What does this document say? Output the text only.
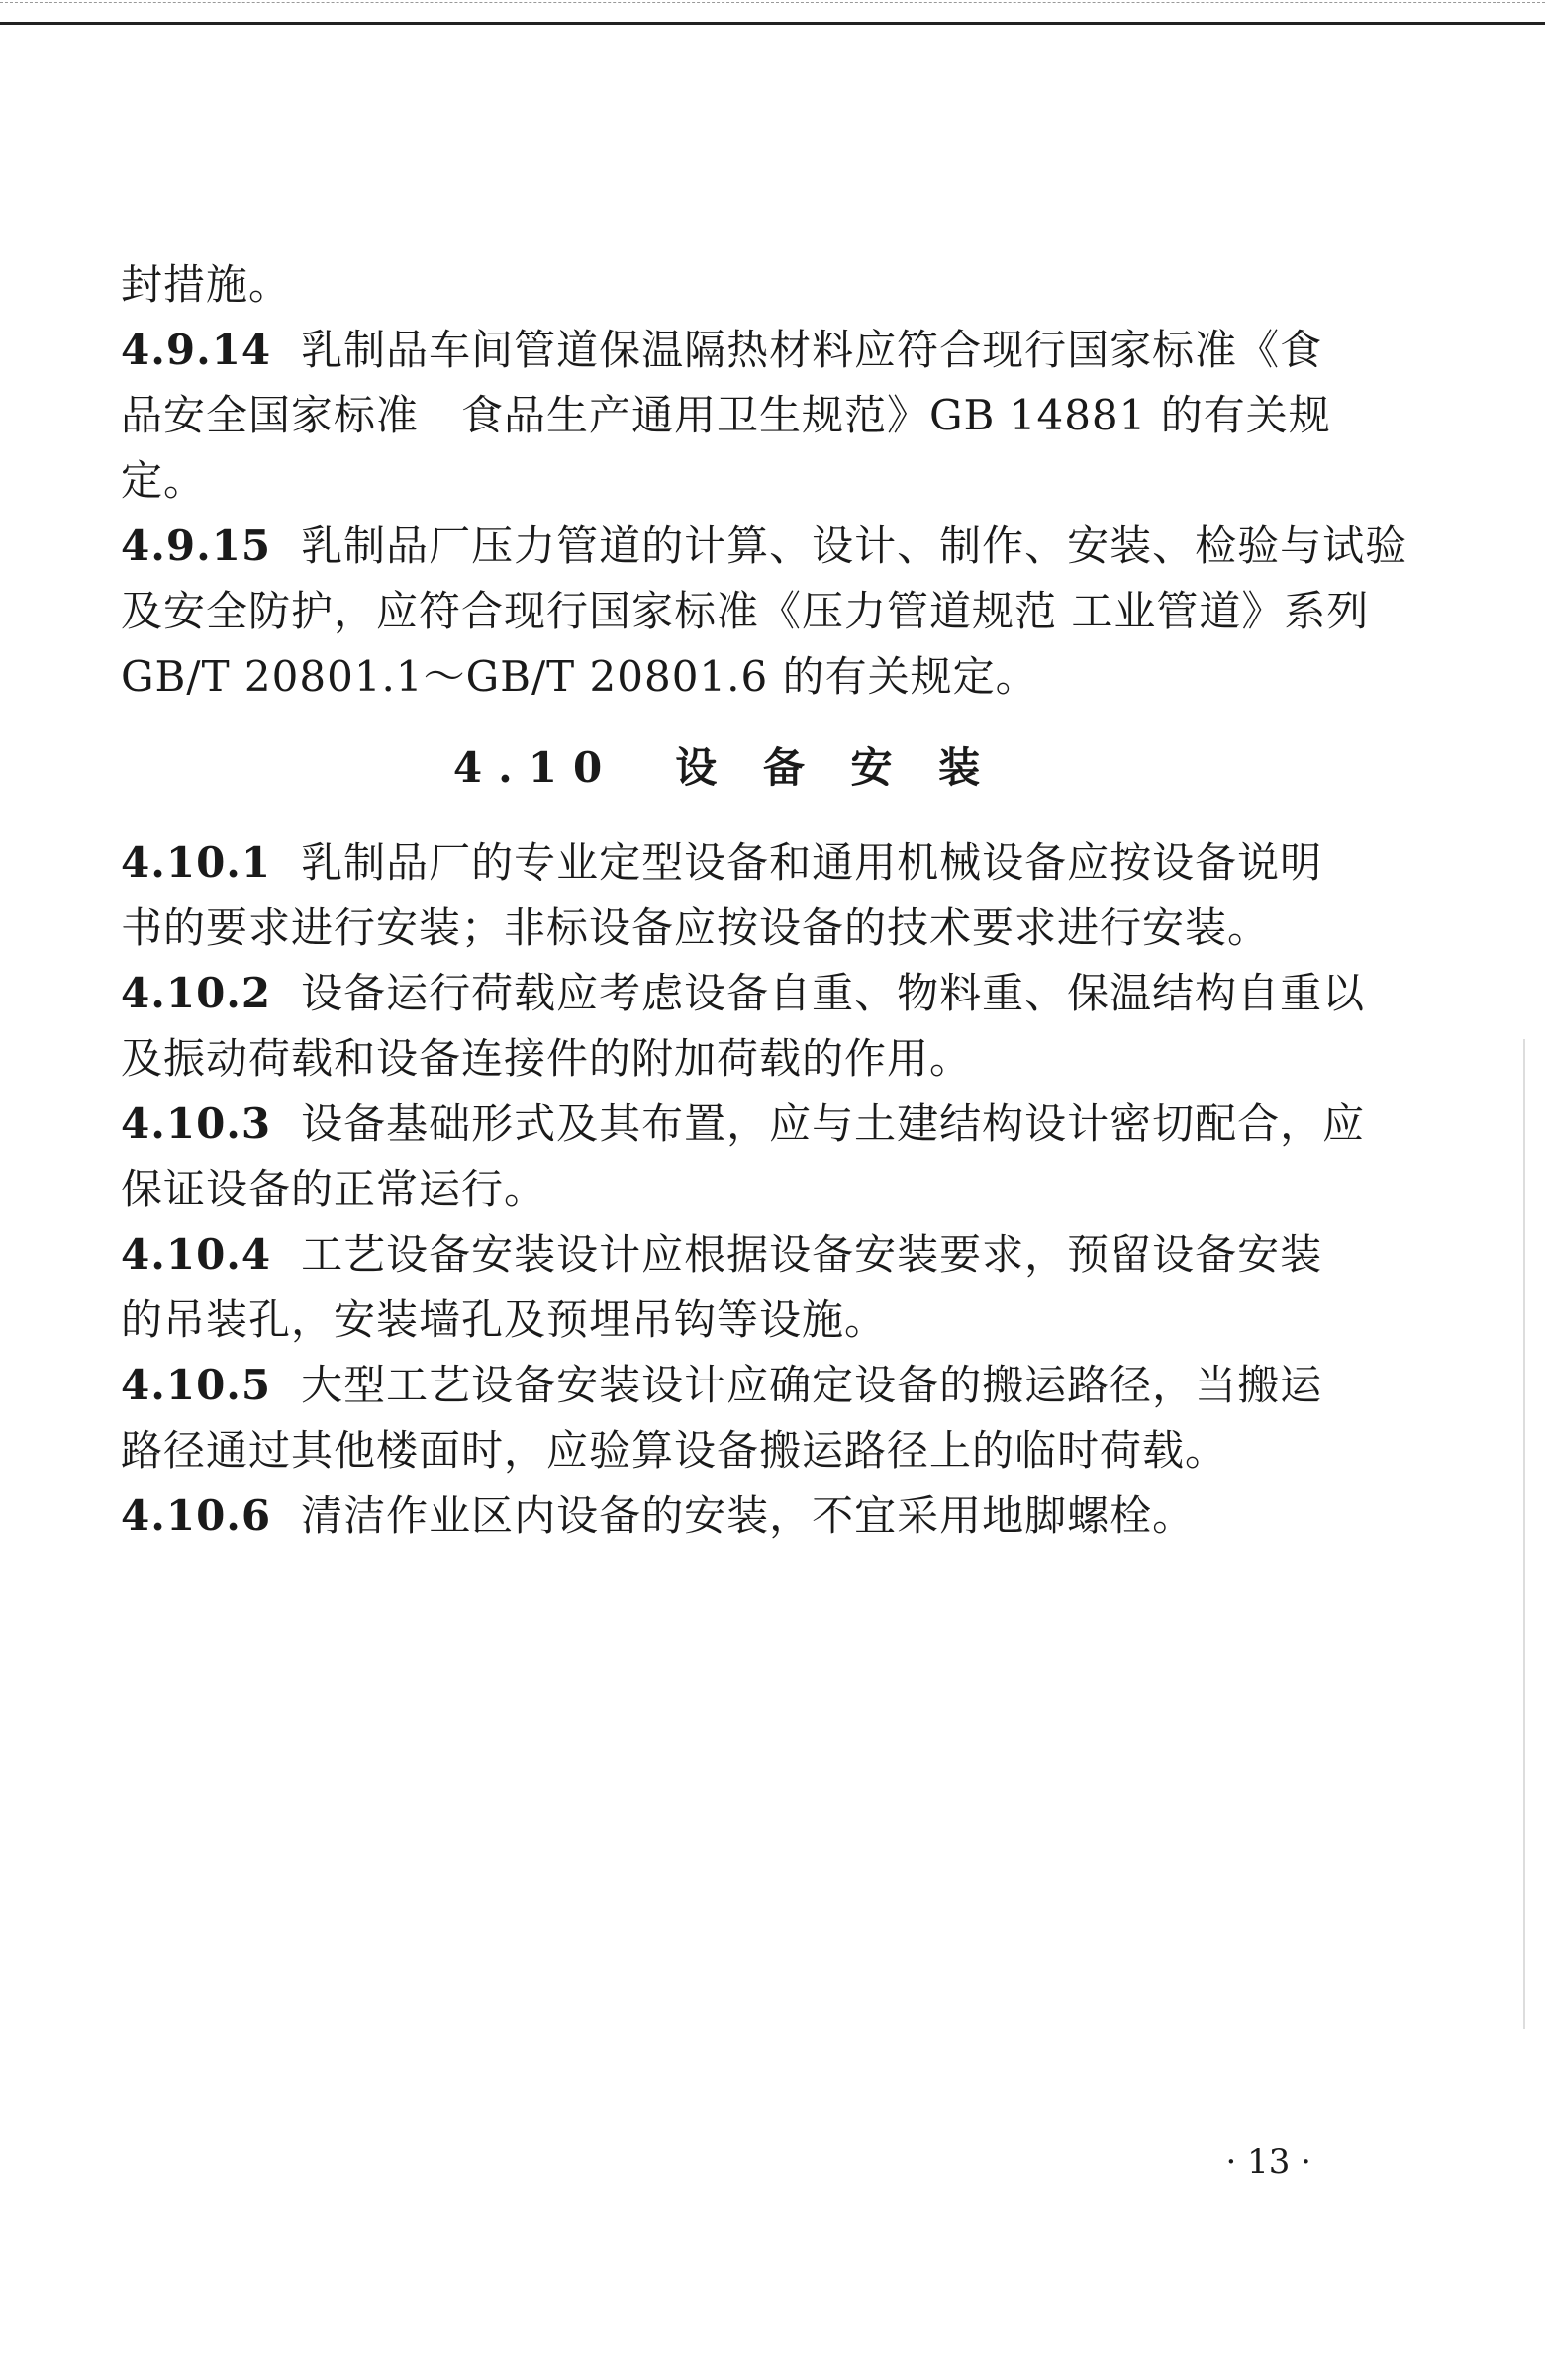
封措施。

4.9.14 乳制品车间管道保温隔热材料应符合现行国家标准《食

品安全国家标准　食品生产通用卫生规范》GB 14881 的有关规

定。

4.9.15 乳制品厂压力管道的计算、设计、制作、安装、检验与试验

及安全防护，应符合现行国家标准《压力管道规范 工业管道》系列

GB/T 20801.1～GB/T 20801.6 的有关规定。

4.10　设 备 安 装

4.10.1 乳制品厂的专业定型设备和通用机械设备应按设备说明

书的要求进行安装；非标设备应按设备的技术要求进行安装。

4.10.2 设备运行荷载应考虑设备自重、物料重、保温结构自重以

及振动荷载和设备连接件的附加荷载的作用。

4.10.3 设备基础形式及其布置，应与土建结构设计密切配合，应

保证设备的正常运行。

4.10.4 工艺设备安装设计应根据设备安装要求，预留设备安装

的吊装孔，安装墙孔及预埋吊钩等设施。

4.10.5 大型工艺设备安装设计应确定设备的搬运路径，当搬运

路径通过其他楼面时，应验算设备搬运路径上的临时荷载。

4.10.6 清洁作业区内设备的安装，不宜采用地脚螺栓。

· 13 ·
